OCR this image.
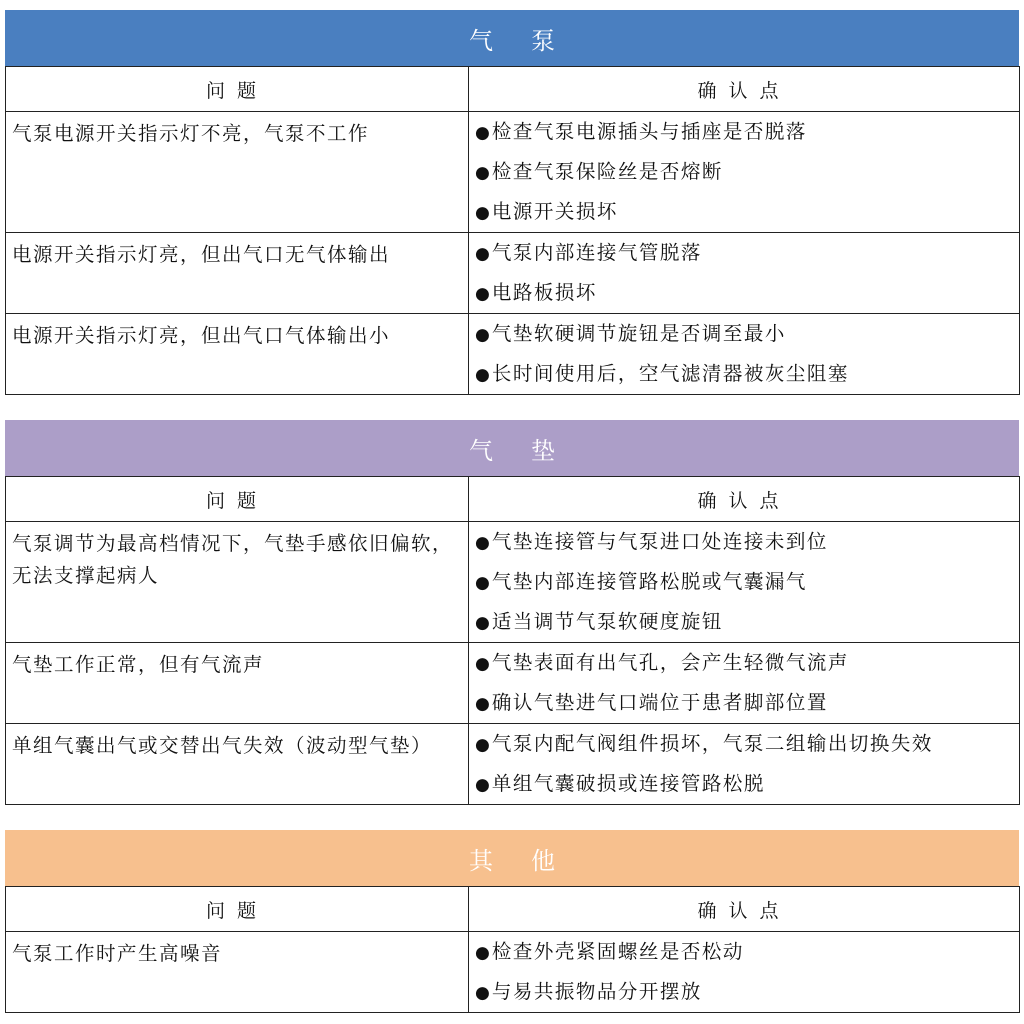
气泵
问题	确认点
气泵电源开关指示灯不亮，气泵不工作	● 检查气泵电源插头与插座是否脱落
● 检查气泵保险丝是否熔断
● 电源开关损坏

电源开关指示灯亮，但出气口无气体输出	● 气泵内部连接气管脱落
● 电路板损坏

电源开关指示灯亮，但出气口气体输出小	● 气垫软硬调节旋钮是否调至最小
● 长时间使用后，空气滤清器被灰尘阻塞
气垫
问题	确认点
气泵调节为最高档情况下，气垫手感依旧偏软，无法支撑起病人	● 气垫连接管与气泵进口处连接未到位
● 气垫内部连接管路松脱或气囊漏气
● 适当调节气泵软硬度旋钮

气垫工作正常，但有气流声	● 气垫表面有出气孔，会产生轻微气流声
● 确认气垫进气口端位于患者脚部位置

单组气囊出气或交替出气失效（波动型气垫）	● 气泵内配气阀组件损坏，气泵二组输出切换失效
● 单组气囊破损或连接管路松脱
其他
问题	确认点
气泵工作时产生高噪音	● 检查外壳紧固螺丝是否松动
● 与易共振物品分开摆放
